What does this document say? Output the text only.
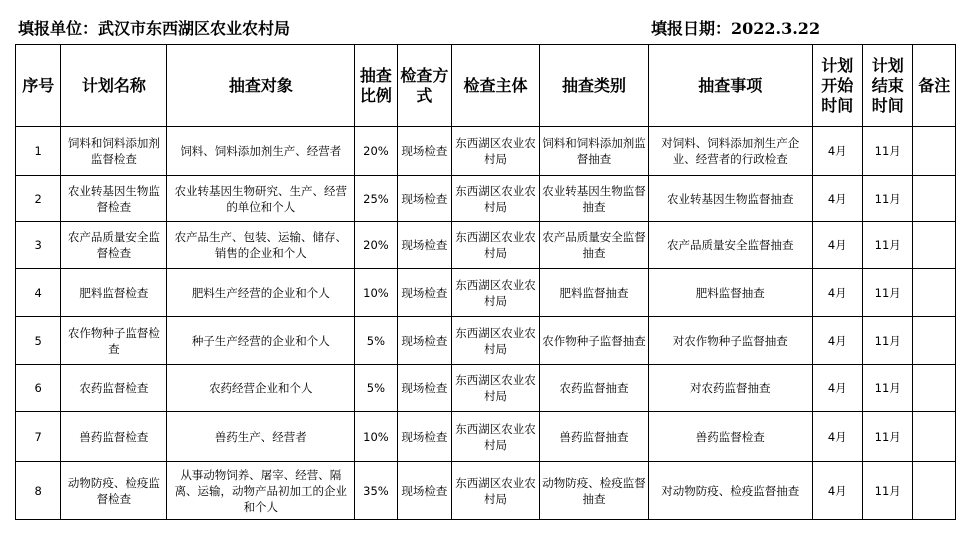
填报单位：武汉市东西湖区农业农村局	填报日期：2022.3.22
序号	计划名称	抽查对象	抽查比例	检查方式	检查主体	抽查类别	抽查事项	计划开始时间	计划结束时间	备注
1	饲料和饲料添加剂监督检查	饲料、饲料添加剂生产、经营者	20%	现场检查	东西湖区农业农村局	饲料和饲料添加剂监督抽查	对饲料、饲料添加剂生产企业、经营者的行政检查	4月	11月	
2	农业转基因生物监督检查	农业转基因生物研究、生产、经营的单位和个人	25%	现场检查	东西湖区农业农村局	农业转基因生物监督抽查	农业转基因生物监督抽查	4月	11月	
3	农产品质量安全监督检查	农产品生产、包装、运输、储存、销售的企业和个人	20%	现场检查	东西湖区农业农村局	农产品质量安全监督抽查	农产品质量安全监督抽查	4月	11月	
4	肥料监督检查	肥料生产经营的企业和个人	10%	现场检查	东西湖区农业农村局	肥料监督抽查	肥料监督抽查	4月	11月	
5	农作物种子监督检查	种子生产经营的企业和个人	5%	现场检查	东西湖区农业农村局	农作物种子监督抽查	对农作物种子监督抽查	4月	11月	
6	农药监督检查	农药经营企业和个人	5%	现场检查	东西湖区农业农村局	农药监督抽查	对农药监督抽查	4月	11月	
7	兽药监督检查	兽药生产、经营者	10%	现场检查	东西湖区农业农村局	兽药监督抽查	兽药监督检查	4月	11月	
8	动物防疫、检疫监督检查	从事动物饲养、屠宰、经营、隔离、运输，动物产品初加工的企业和个人	35%	现场检查	东西湖区农业农村局	动物防疫、检疫监督抽查	对动物防疫、检疫监督抽查	4月	11月	
